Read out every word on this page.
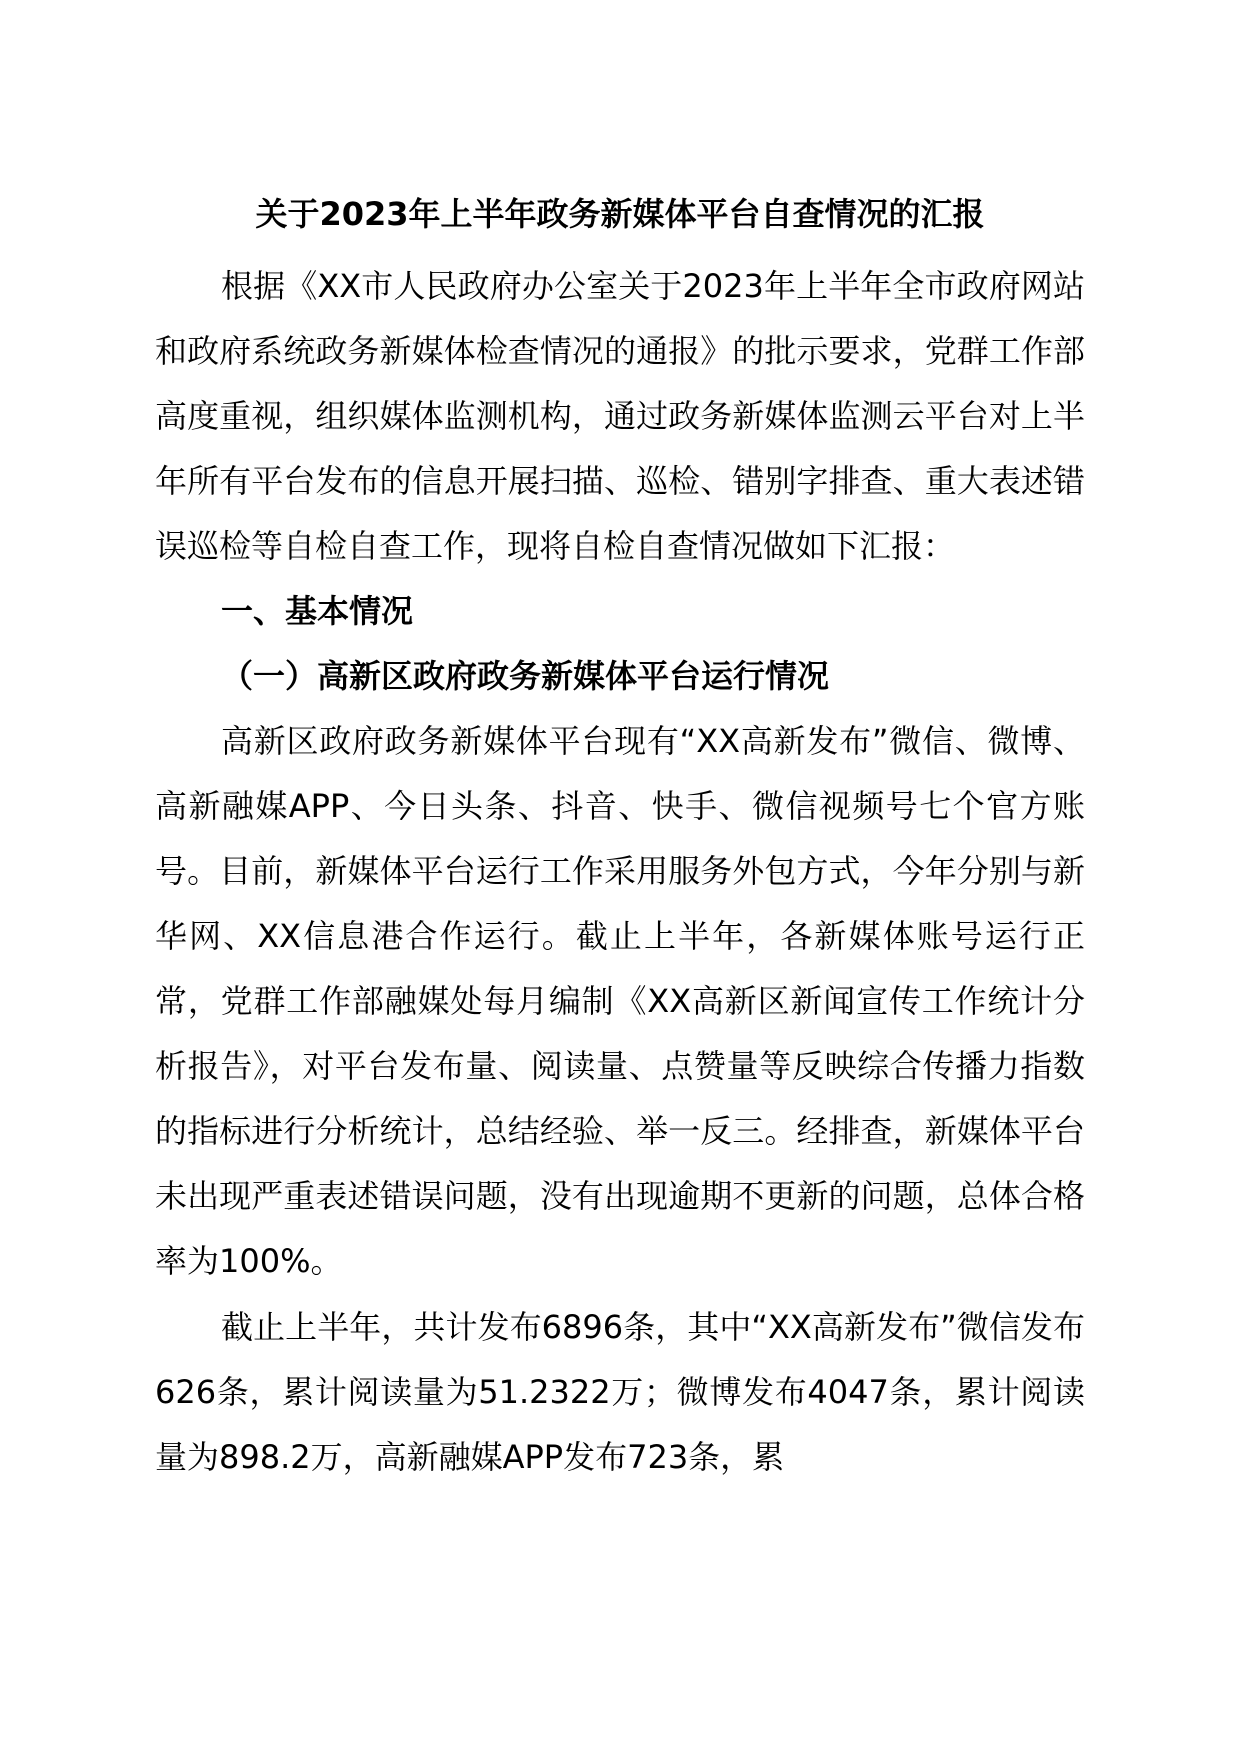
关于2023年上半年政务新媒体平台自查情况的汇报

根据《XX市人民政府办公室关于2023年上半年全市政府网站和政府系统政务新媒体检查情况的通报》的批示要求，党群工作部高度重视，组织媒体监测机构，通过政务新媒体监测云平台对上半年所有平台发布的信息开展扫描、巡检、错别字排查、重大表述错误巡检等自检自查工作，现将自检自查情况做如下汇报：

一、基本情况

（一）高新区政府政务新媒体平台运行情况

高新区政府政务新媒体平台现有“XX高新发布”微信、微博、高新融媒APP、今日头条、抖音、快手、微信视频号七个官方账号。目前，新媒体平台运行工作采用服务外包方式，今年分别与新华网、XX信息港合作运行。截止上半年，各新媒体账号运行正常，党群工作部融媒处每月编制《XX高新区新闻宣传工作统计分析报告》，对平台发布量、阅读量、点赞量等反映综合传播力指数的指标进行分析统计，总结经验、举一反三。经排查，新媒体平台未出现严重表述错误问题，没有出现逾期不更新的问题，总体合格率为100%。

截止上半年，共计发布6896条，其中“XX高新发布”微信发布626条，累计阅读量为51.2322万；微博发布4047条，累计阅读量为898.2万，高新融媒APP发布723条，累
